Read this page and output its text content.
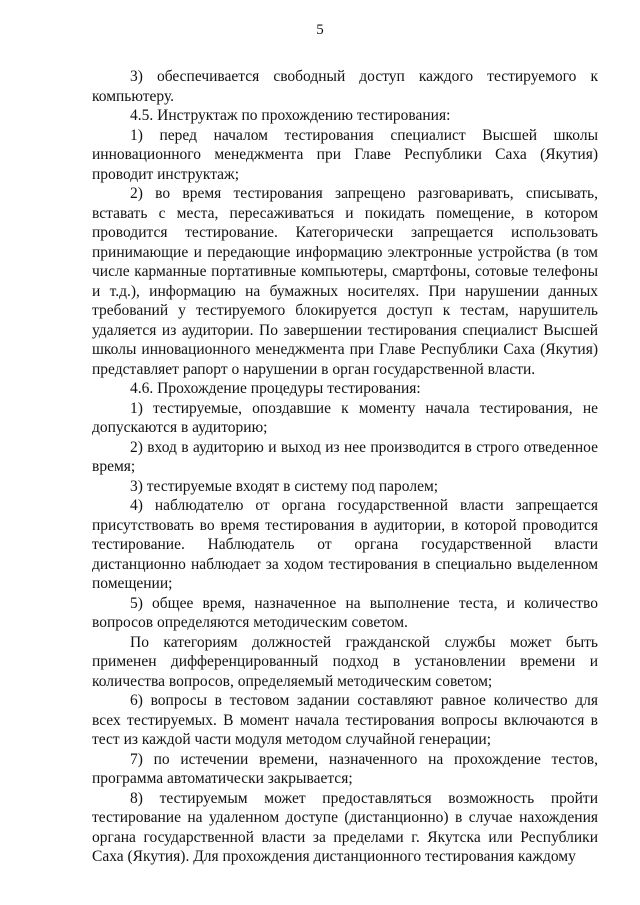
5

3) обеспечивается свободный доступ каждого тестируемого к компьютеру.

4.5. Инструктаж по прохождению тестирования:

1) перед началом тестирования специалист Высшей школы инновационного менеджмента при Главе Республики Саха (Якутия) проводит инструктаж;

2) во время тестирования запрещено разговаривать, списывать, вставать с места, пересаживаться и покидать помещение, в котором проводится тестирование. Категорически запрещается использовать принимающие и передающие информацию электронные устройства (в том числе карманные портативные компьютеры, смартфоны, сотовые телефоны и т.д.), информацию на бумажных носителях. При нарушении данных требований у тестируемого блокируется доступ к тестам, нарушитель удаляется из аудитории. По завершении тестирования специалист Высшей школы инновационного менеджмента при Главе Республики Саха (Якутия) представляет рапорт о нарушении в орган государственной власти.

4.6. Прохождение процедуры тестирования:

1) тестируемые, опоздавшие к моменту начала тестирования, не допускаются в аудиторию;

2) вход в аудиторию и выход из нее производится в строго отведенное время;

3) тестируемые входят в систему под паролем;

4) наблюдателю от органа государственной власти запрещается присутствовать во время тестирования в аудитории, в которой проводится тестирование. Наблюдатель от органа государственной власти дистанционно наблюдает за ходом тестирования в специально выделенном помещении;

5) общее время, назначенное на выполнение теста, и количество вопросов определяются методическим советом.

По категориям должностей гражданской службы может быть применен дифференцированный подход в установлении времени и количества вопросов, определяемый методическим советом;

6) вопросы в тестовом задании составляют равное количество для всех тестируемых. В момент начала тестирования вопросы включаются в тест из каждой части модуля методом случайной генерации;

7) по истечении времени, назначенного на прохождение тестов, программа автоматически закрывается;

8) тестируемым может предоставляться возможность пройти тестирование на удаленном доступе (дистанционно) в случае нахождения органа государственной власти за пределами г. Якутска или Республики Саха (Якутия). Для прохождения дистанционного тестирования каждому
